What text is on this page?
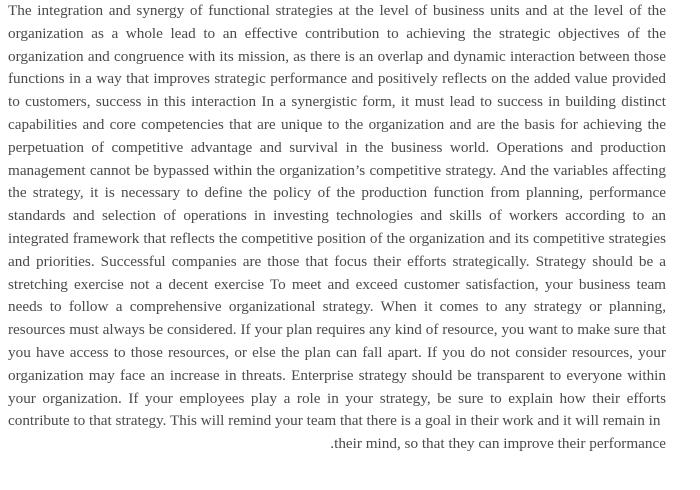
The integration and synergy of functional strategies at the level of business units and at the level of the organization as a whole lead to an effective contribution to achieving the strategic objectives of the organization and congruence with its mission, as there is an overlap and dynamic interaction between those functions in a way that improves strategic performance and positively reflects on the added value provided to customers, success in this interaction In a synergistic form, it must lead to success in building distinct capabilities and core competencies that are unique to the organization and are the basis for achieving the perpetuation of competitive advantage and survival in the business world. Operations and production management cannot be bypassed within the organization’s competitive strategy. And the variables affecting the strategy, it is necessary to define the policy of the production function from planning, performance standards and selection of operations in investing technologies and skills of workers according to an integrated framework that reflects the competitive position of the organization and its competitive strategies and priorities. Successful companies are those that focus their efforts strategically. Strategy should be a stretching exercise not a decent exercise To meet and exceed customer satisfaction, your business team needs to follow a comprehensive organizational strategy. When it comes to any strategy or planning, resources must always be considered. If your plan requires any kind of resource, you want to make sure that you have access to those resources, or else the plan can fall apart. If you do not consider resources, your organization may face an increase in threats. Enterprise strategy should be transparent to everyone within your organization. If your employees play a role in your strategy, be sure to explain how their efforts contribute to that strategy. This will remind your team that there is a goal in their work and it will remain in

.their mind, so that they can improve their performance
